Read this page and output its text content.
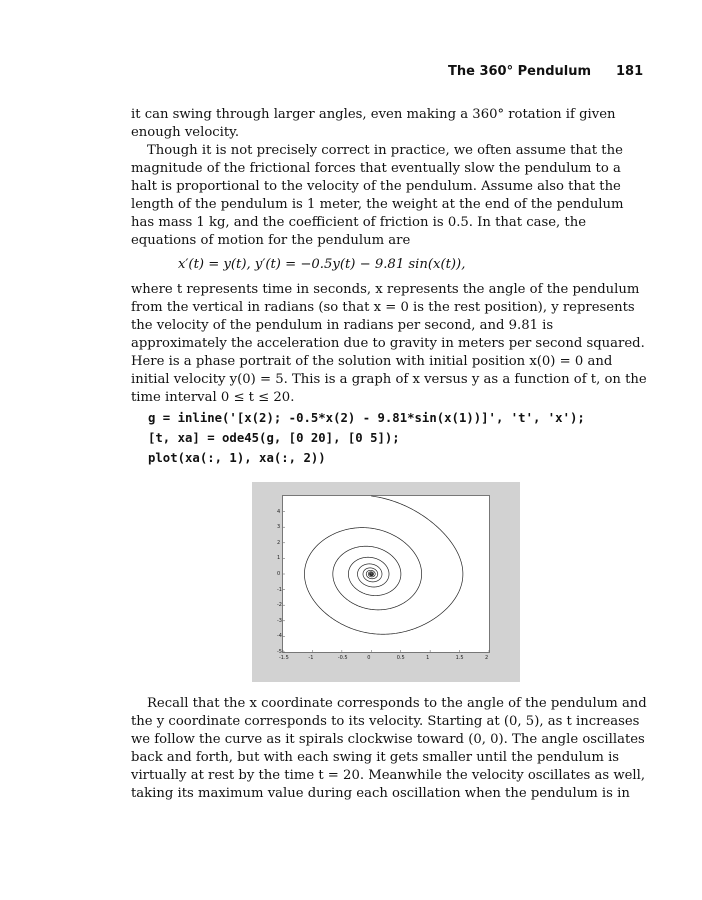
The 360° Pendulum 181
it can swing through larger angles, even making a 360° rotation if given
enough velocity.
Though it is not precisely correct in practice, we often assume that the
magnitude of the frictional forces that eventually slow the pendulum to a
halt is proportional to the velocity of the pendulum. Assume also that the
length of the pendulum is 1 meter, the weight at the end of the pendulum
has mass 1 kg, and the coefficient of friction is 0.5. In that case, the
equations of motion for the pendulum are
x′(t) = y(t), y′(t) = −0.5y(t) − 9.81 sin(x(t)),
where t represents time in seconds, x represents the angle of the pendulum
from the vertical in radians (so that x = 0 is the rest position), y represents
the velocity of the pendulum in radians per second, and 9.81 is
approximately the acceleration due to gravity in meters per second squared.
Here is a phase portrait of the solution with initial position x(0) = 0 and
initial velocity y(0) = 5. This is a graph of x versus y as a function of t, on the
time interval 0 ≤ t ≤ 20.
g = inline('[x(2); -0.5*x(2) - 9.81*sin(x(1))]', 't', 'x');
[t, xa] = ode45(g, [0 20], [0 5]);
plot(xa(:, 1), xa(:, 2))
-1.5	-1	-0.5	0	0.5	1	1.5	2
4
3
2
1
0
-1
-2
-3
-4
-5
Recall that the x coordinate corresponds to the angle of the pendulum and
the y coordinate corresponds to its velocity. Starting at (0, 5), as t increases
we follow the curve as it spirals clockwise toward (0, 0). The angle oscillates
back and forth, but with each swing it gets smaller until the pendulum is
virtually at rest by the time t = 20. Meanwhile the velocity oscillates as well,
taking its maximum value during each oscillation when the pendulum is in
